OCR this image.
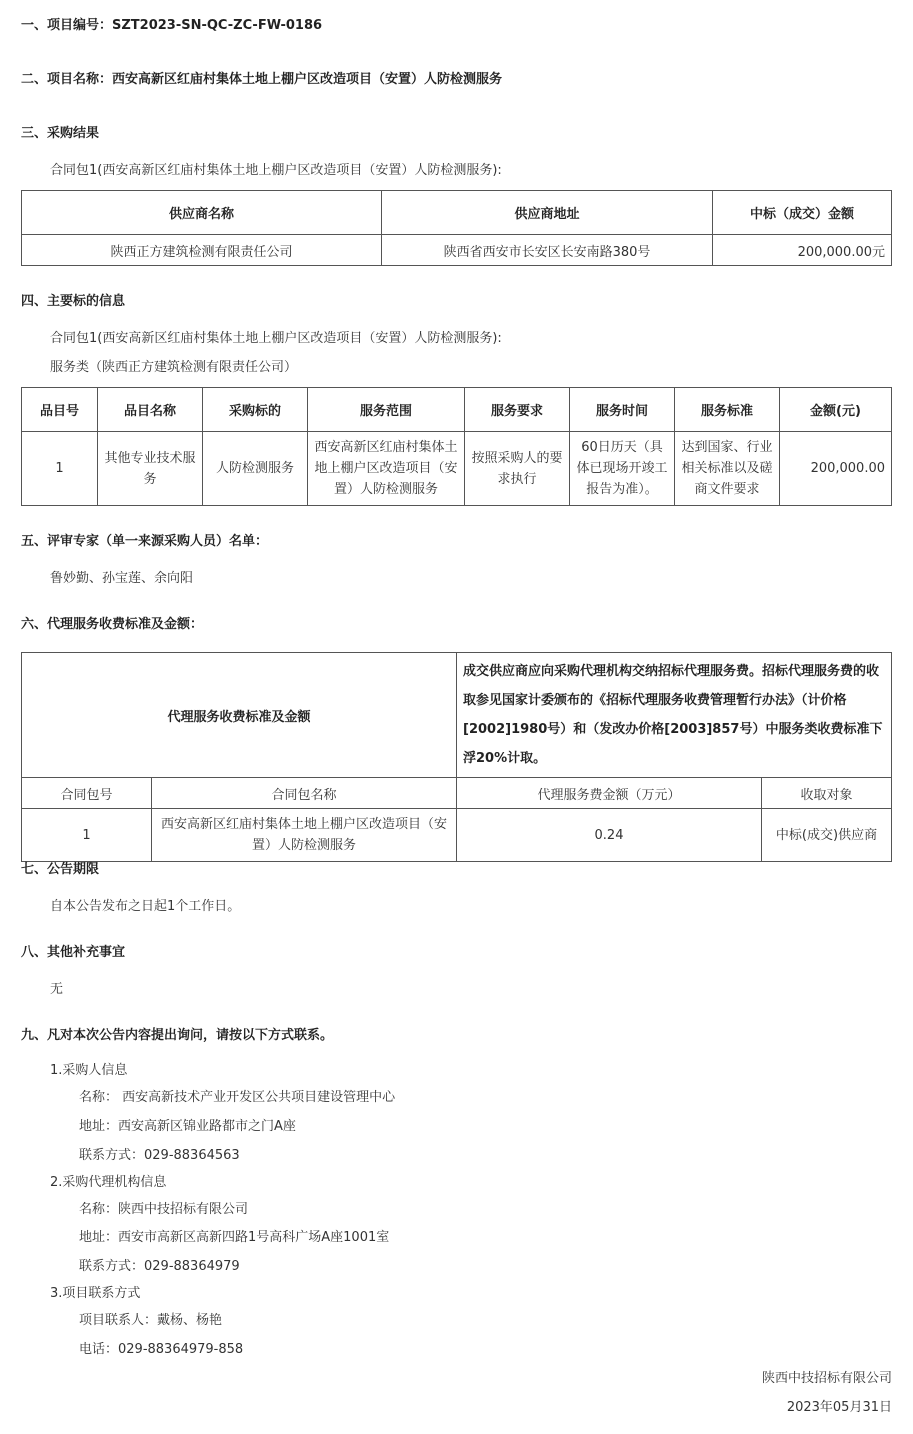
一、项目编号：SZT2023-SN-QC-ZC-FW-0186
二、项目名称：西安高新区红庙村集体土地上棚户区改造项目（安置）人防检测服务
三、采购结果
合同包1(西安高新区红庙村集体土地上棚户区改造项目（安置）人防检测服务):
供应商名称	供应商地址	中标（成交）金额
陕西正方建筑检测有限责任公司	陕西省西安市长安区长安南路380号	200,000.00元
四、主要标的信息
合同包1(西安高新区红庙村集体土地上棚户区改造项目（安置）人防检测服务):
服务类（陕西正方建筑检测有限责任公司）
品目号	品目名称	采购标的	服务范围	服务要求	服务时间	服务标准	金额(元)
1	其他专业技术服务	人防检测服务	西安高新区红庙村集体土地上棚户区改造项目（安置）人防检测服务	按照采购人的要求执行	60日历天（具体已现场开竣工报告为准）。	达到国家、行业相关标准以及磋商文件要求	200,000.00
五、评审专家（单一来源采购人员）名单：
鲁妙勤、孙宝莲、余向阳
六、代理服务收费标准及金额：
代理服务收费标准及金额		成交供应商应向采购代理机构交纳招标代理服务费。招标代理服务费的收取参见国家计委颁布的《招标代理服务收费管理暂行办法》（计价格[2002]1980号）和（发改办价格[2003]857号）中服务类收费标准下浮20%计取。	
合同包号	合同包名称	代理服务费金额（万元）	收取对象
1	西安高新区红庙村集体土地上棚户区改造项目（安置）人防检测服务	0.24	中标(成交)供应商
七、公告期限
自本公告发布之日起1个工作日。
八、其他补充事宜
无
九、凡对本次公告内容提出询问，请按以下方式联系。
1.采购人信息
名称： 西安高新技术产业开发区公共项目建设管理中心
地址：西安高新区锦业路都市之门A座
联系方式：029-88364563
2.采购代理机构信息
名称：陕西中技招标有限公司
地址：西安市高新区高新四路1号高科广场A座1001室
联系方式：029-88364979
3.项目联系方式
项目联系人：戴杨、杨艳
电话：029-88364979-858
陕西中技招标有限公司
2023年05月31日
